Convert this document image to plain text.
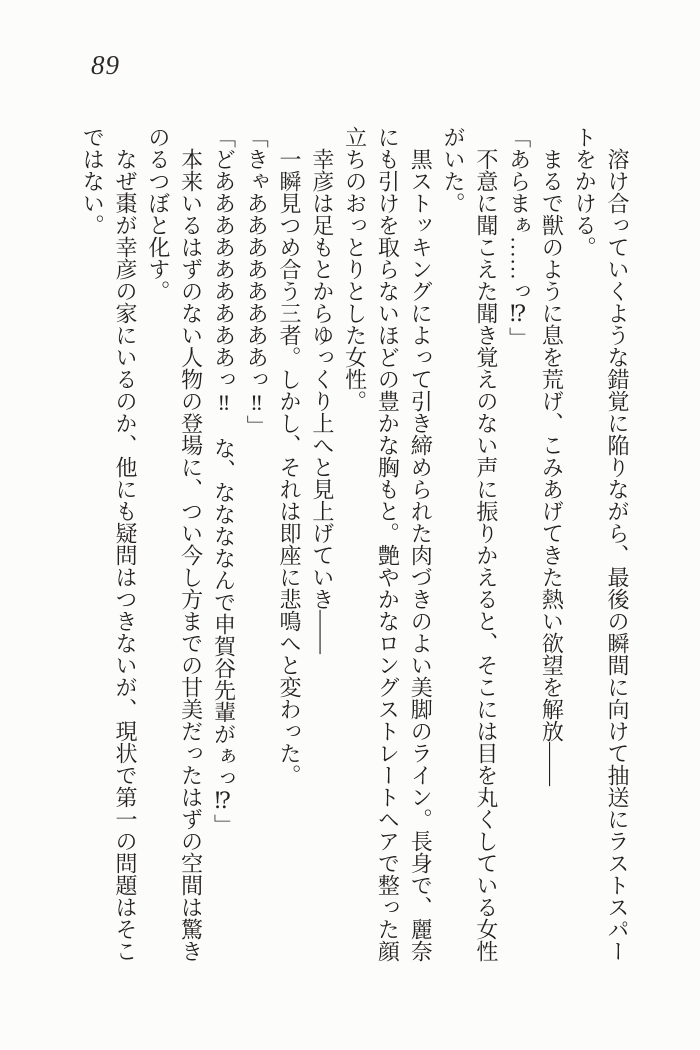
89

溶け合っていくような錯覚に陥りながら、最後の瞬間に向けて抽送にラストスパートをかける。

まるで獣のように息を荒げ、こみあげてきた熱い欲望を解放――

「あらまぁ……っ⁉」

不意に聞こえた聞き覚えのない声に振りかえると、そこには目を丸くしている女性がいた。

黒ストッキングによって引き締められた肉づきのよい美脚のライン。長身で、麗奈にも引けを取らないほどの豊かな胸もと。艶やかなロングストレートヘアで整った顔立ちのおっとりとした女性。

幸彦は足もとからゆっくり上へと見上げていき――

一瞬見つめ合う三者。しかし、それは即座に悲鳴へと変わった。

「きゃああああああああっ‼」

「どあああああああああっ‼　な、ななななんで申賀谷先輩がぁっ⁉」

本来いるはずのない人物の登場に、つい今し方までの甘美だったはずの空間は驚きのるつぼと化す。

なぜ棗が幸彦の家にいるのか、他にも疑問はつきないが、現状で第一の問題はそこではない。
